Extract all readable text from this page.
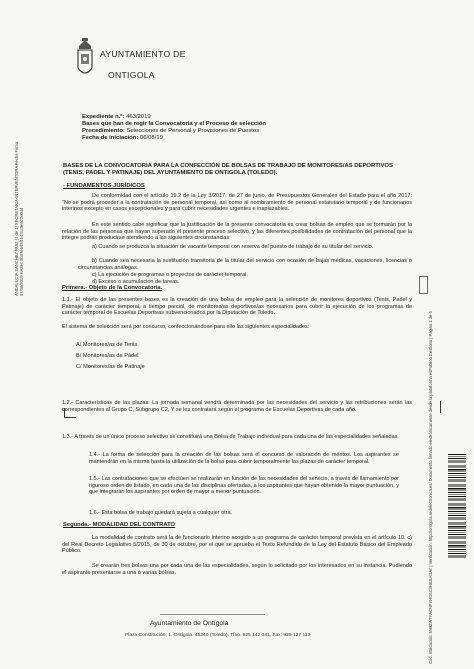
AYUNTAMIENTO DE
ONTIGOLA
Expediente n.º: 463/2019
Bases que han de regir la Convocatoria y el Proceso de selección
Procedimiento: Selecciones de Personal y Provisiones de Puestos
Fecha de iniciación: 06/08/19
BASES DE LA CONVOCATORIA PARA LA CONFECCIÓN DE BOLSAS DE TRABAJO DE MONITORES/AS DEPORTIVOS (TENIS, PADEL Y PATINAJE) DEL AYUNTAMIENTO DE ONTIGOLA (TOLEDO).
- FUNDAMENTOS JURÍDICOS
De conformidad con el artículo 19.2 de la Ley 3/2017, de 27 de junio, de Presupuestos Generales del Estado para el año 2017: "No se podrá proceder a la contratación de personal temporal, así como al nombramiento de personal estatutario temporal y de funcionarios interinos excepto en casos excepcionales y para cubrir necesidades urgentes e inaplazables.
En este sentido cabe significar que la justificación de la presente convocatoria es crear bolsas de empleo que se formarán por la relación de las personas que hayan superado el presente proceso selectivo, y las diferentes posibilidades de contratación del personal que la integre podrán producirse atendiendo a las siguientes circunstancias:
a) Cuando se produzca la situación de vacante temporal con reserva del puesto de trabajo de su titular del servicio.
b) Cuando sea necesaria la sustitución transitoria de la titular del servicio con ocasión de bajas médicas, vacaciones, licencias o circunstancias análogas.
c) La ejecución de programas o proyectos de carácter temporal.
d) Exceso o acumulación de tareas.
Primera.- Objeto de la Convocatoria.
1.1.- El objeto de las presentes bases es la creación de una bolsa de empleo para la selección de monitores deportivos (Tenis, Padel y Patinaje) de carácter temporal, a tiempo parcial, de monitores/as deportivos/as necesarios para cubrir la ejecución de los programas de carácter temporal de Escuelas Deportivas subvencionados por la Diputación de Toledo.
El sistema de selección será por concurso, confeccionándose para ello las siguientes especialidades:
A/ Monitores/as de Tenis
B/ Monitores/as de Pádel
C/ Monitores/as de Patinaje
1.2.- Características de las plazas: La jornada semanal vendrá determinada por las necesidades del servicio y las retribuciones serán las correspondientes al Grupo C, Subgrupo C2, Y se les contratará según el programa de Escuelas Deportivas de cada año.
1.3.- A través de un único proceso selectivo se constituirá una Bolsa de Trabajo individual para cada una de las especialidades señaladas.
1.4.- La forma de selección para la creación de las bolsas será el concurso de valoración de méritos. Los aspirantes se mantendrán en la misma hasta la utilización de la bolsa para cubrir temporalmente las plazas de carácter temporal.
1.5.- Las contrataciones que se efectúen se realizarán en función de las necesidades del servicio, a través de llamamiento por riguroso orden de listado, en cada una de las disciplinas ofertadas, a los aspirantes que hayan obtenido la mayor puntuación, y que integrarán los aspirantes por orden de mayor a menor puntuación.
1.6.- Esta bolsa de trabajo quedará sujeta a cualquier otra.
Segunda.- MODALIDAD DEL CONTRATO
La modalidad de contrato será la de funcionario interino acogido a un programa de carácter temporal prevista en el artículo 10. c) del Real Decreto Legislativo 5/2015, de 30 de octubre, por el que se aprueba el Texto Refundido de la Ley del Estatuto Básico del Empleado Público.
Se crearán tres bolsas una por cada una de las especialidades, según lo solicitado por los interesados en su instancia. Pudiendo el aspirante presentarse a una o varias bolsas.
Ayuntamiento de Ontígola
Plaza Constitución, 1, Ontígola. 45340 (Toledo). Tfno. 925 142 041. Fax: 925 127 113
ANDALUCIA SANCHEZ RUIZ (1 de 1) SECRETARIA-INTERVENTORA Fecha Firma: 07/08/2019 HASH: 5b07e5d5f1b43cc9ea22e04d
Cód. Validación: 5N9ZWTFACNFYHG6C3H6JLK2AT | Verificación: http://ontigola.sedelectronica.es/ Documento firmado electrónicamente desde la plataforma esPublico Gestiona | Página 1 de 6
